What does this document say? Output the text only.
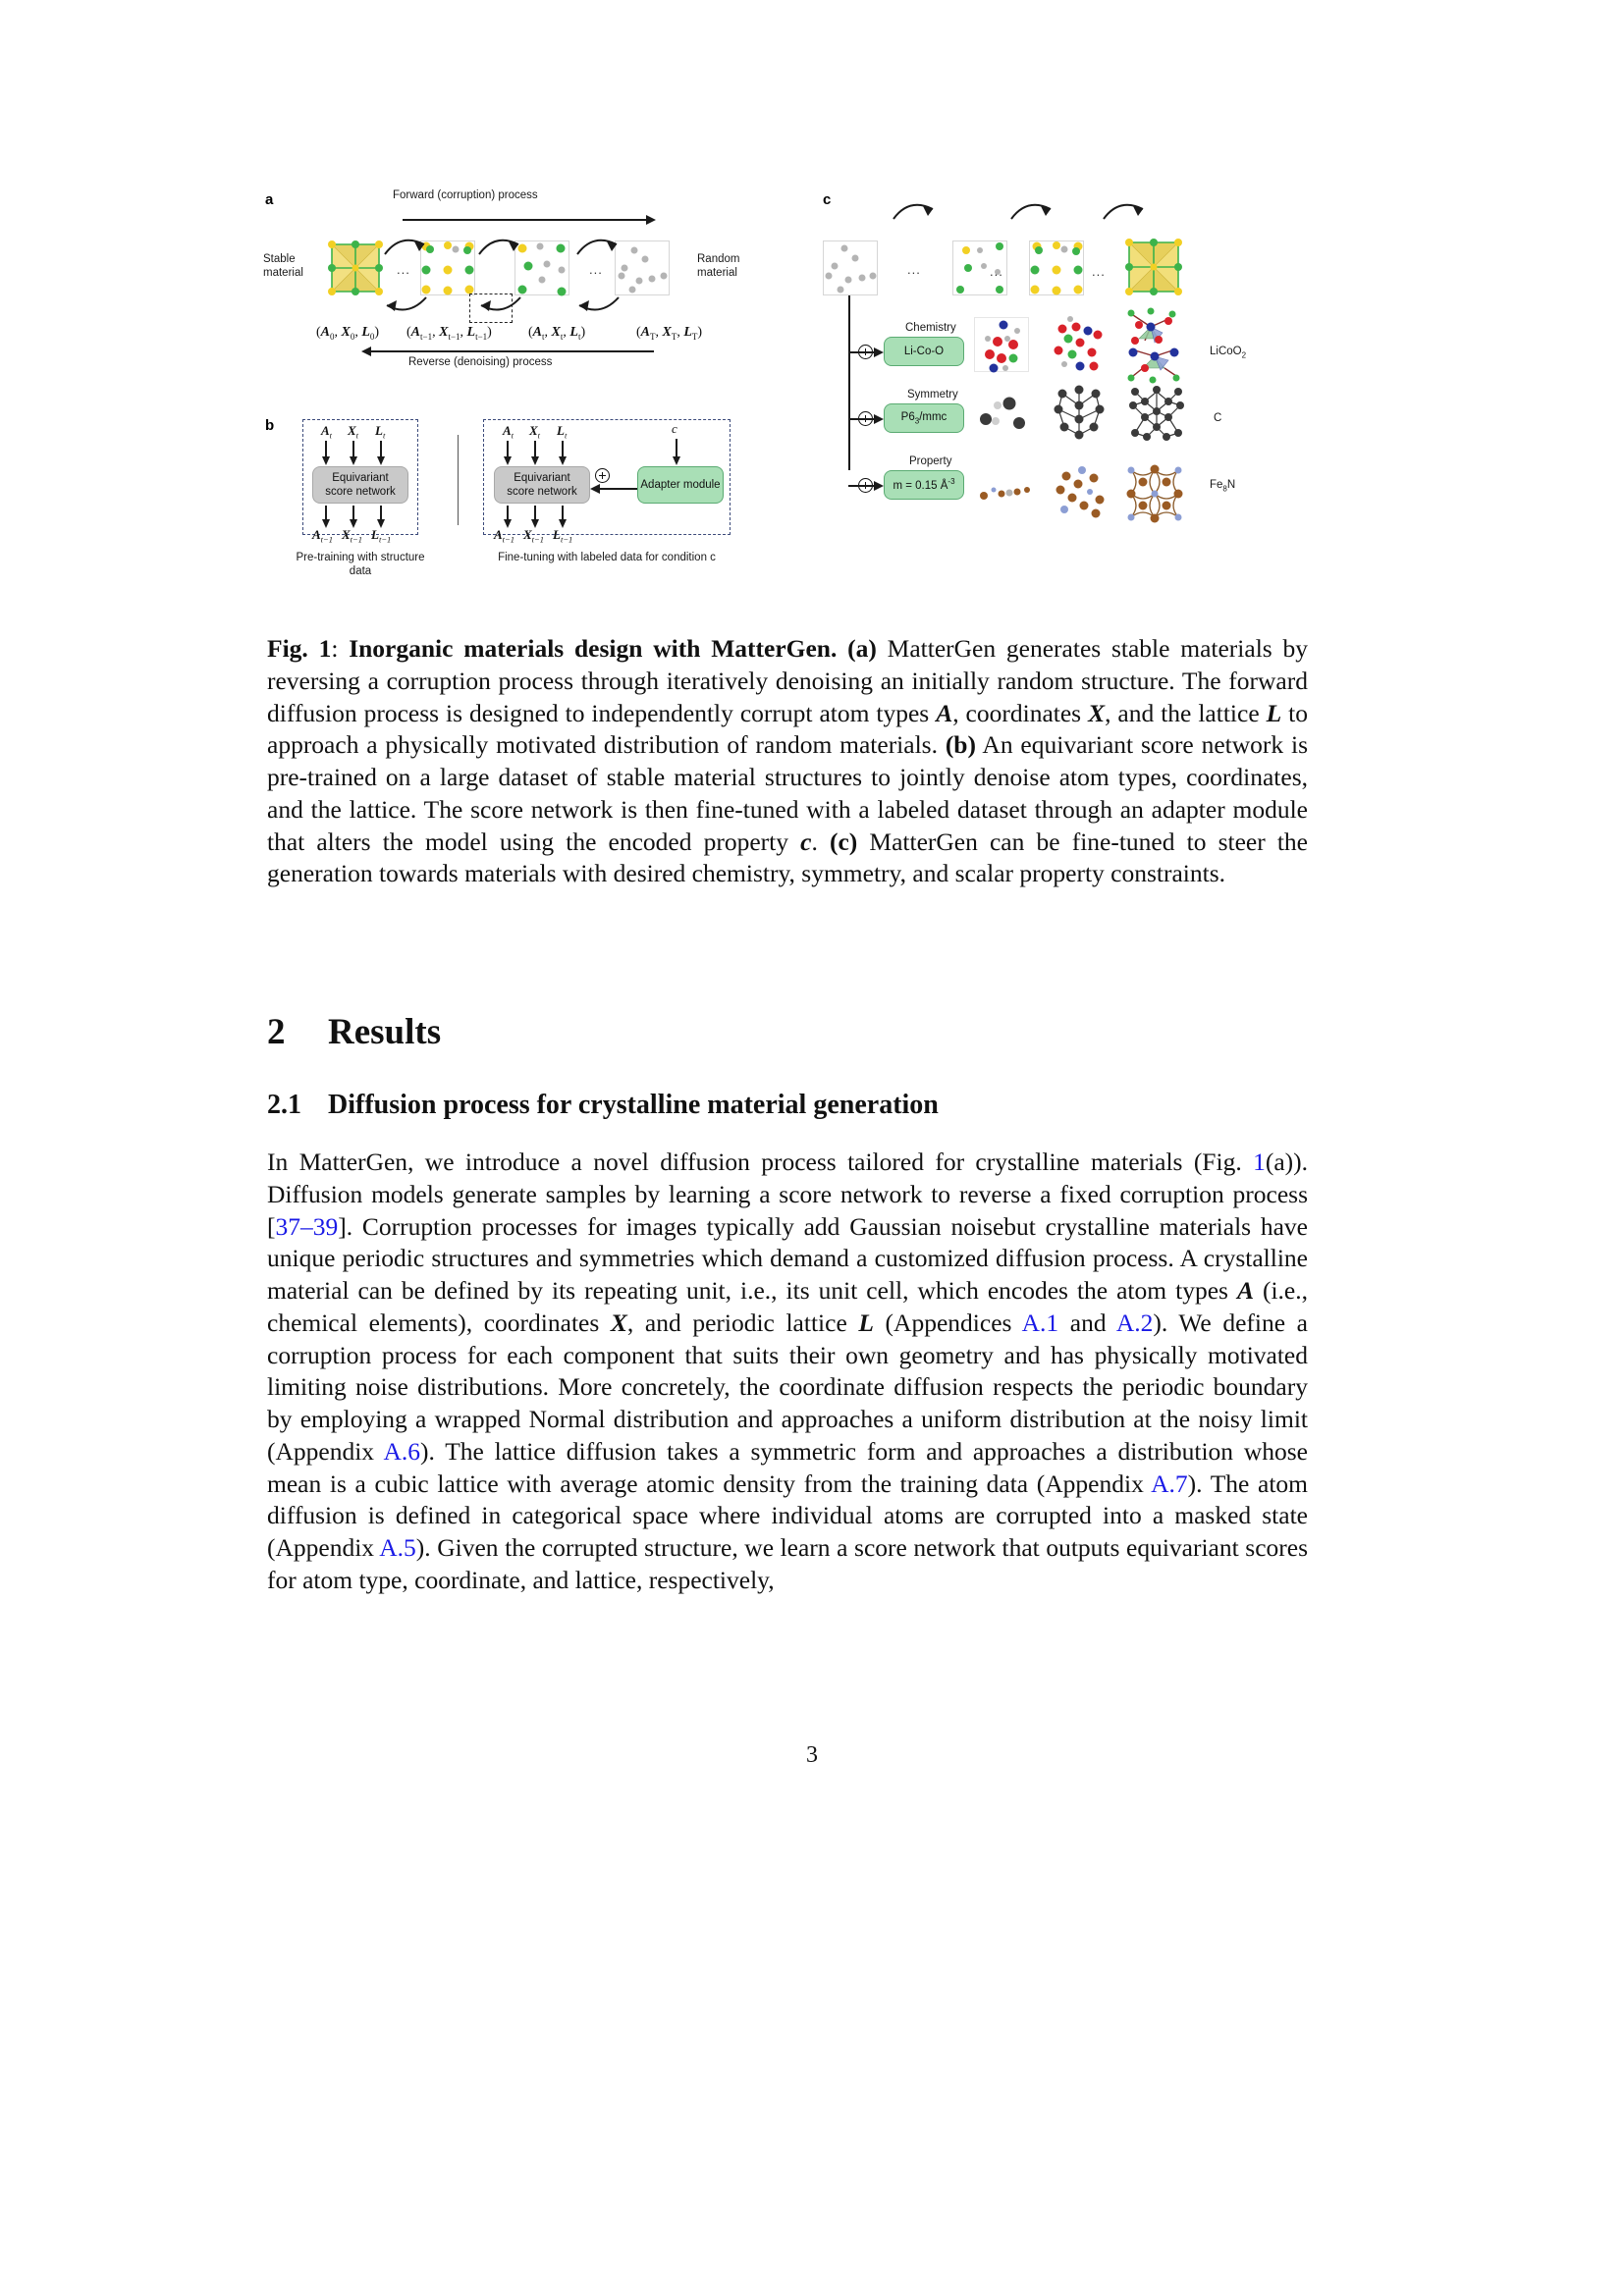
a	Forward (corruption) process
Stable
material
Random
material
...	...
($A_0$, $X_0$, $L_0$) ($A_{t-1}$, $X_{t-1}$, $L_{t-1}$)	($A_t$, $X_t$, $L_t$)	($A_T$, $X_T$, $L_T$)
Reverse (denoising) process
b	$A_t$ $X_t$ $L_t$
Equivariant
score network
$A_{t-1}$ $X_{t-1}$ $L_{t-1}$
Pre-training with structure data
$A_t$ $X_t$ $L_t$	c
Equivariant
score network
Adapter module
$A_{t-1}$ $X_{t-1}$ $L_{t-1}$
Fine-tuning with labeled data for condition c
c
...	...	...
Chemistry
Li-Co-O	LiCoO$_2$
Symmetry
$P6_3$/mmc	C
Property
m = 0.15 $Å^{-3}$	$Fe_8N$
Fig. 1: Inorganic materials design with MatterGen. (a) MatterGen generates stable materials by reversing a corruption process through iteratively denoising an initially random structure. The forward diffusion process is designed to independently corrupt atom types A, coordinates X, and the lattice L to approach a physically motivated distribution of random materials. (b) An equivariant score network is pre-trained on a large dataset of stable material structures to jointly denoise atom types, coordinates, and the lattice. The score network is then fine-tuned with a labeled dataset through an adapter module that alters the model using the encoded property c. (c) MatterGen can be fine-tuned to steer the generation towards materials with desired chemistry, symmetry, and scalar property constraints.
2 Results
2.1 Diffusion process for crystalline material generation
In MatterGen, we introduce a novel diffusion process tailored for crystalline materials (Fig. 1(a)). Diffusion models generate samples by learning a score network to reverse a fixed corruption process [37–39]. Corruption processes for images typically add Gaussian noisebut crystalline materials have unique periodic structures and symmetries which demand a customized diffusion process. A crystalline material can be defined by its repeating unit, i.e., its unit cell, which encodes the atom types A (i.e., chemical elements), coordinates X, and periodic lattice L (Appendices A.1 and A.2). We define a corruption process for each component that suits their own geometry and has physically motivated limiting noise distributions. More concretely, the coordinate diffusion respects the periodic boundary by employing a wrapped Normal distribution and approaches a uniform distribution at the noisy limit (Appendix A.6). The lattice diffusion takes a symmetric form and approaches a distribution whose mean is a cubic lattice with average atomic density from the training data (Appendix A.7). The atom diffusion is defined in categorical space where individual atoms are corrupted into a masked state (Appendix A.5). Given the corrupted structure, we learn a score network that outputs equivariant scores for atom type, coordinate, and lattice, respectively,
3
